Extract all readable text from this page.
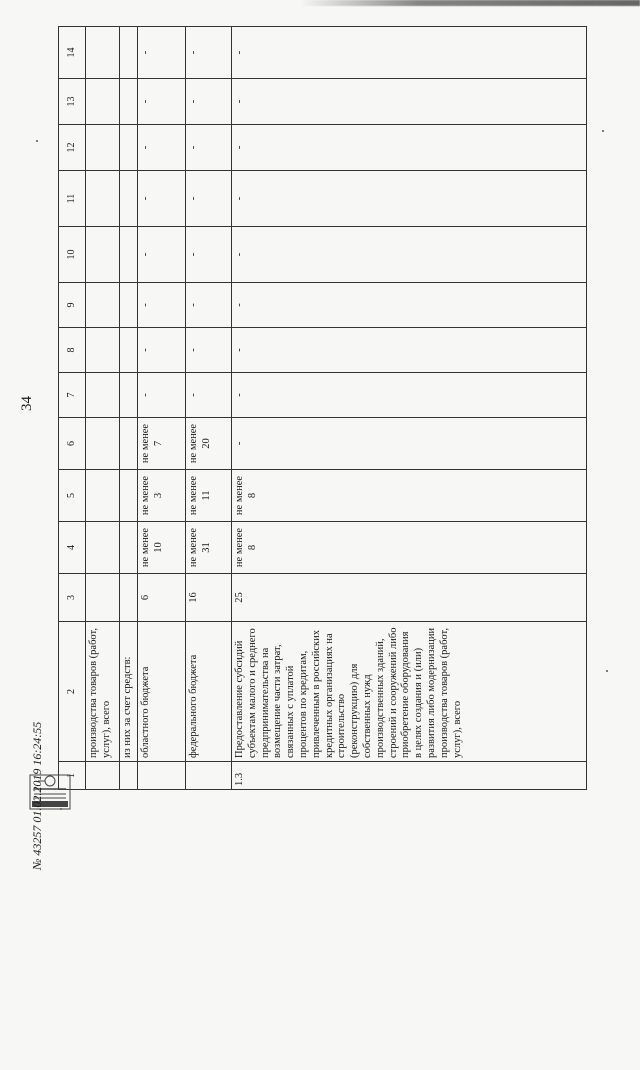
34
1	2	3	4	5	6	7	8	9	10	11	12	13	14
	производства товаров (работ, услуг), всего												
	из них за счет средств:												
	областного бюджета	6	не менее 10	не менее 3	не менее 7	-	-	-	-	-	-	-	-
	федерального бюджета	16	не менее 31	не менее 11	не менее 20	-	-	-	-	-	-	-	-
1.3	Предоставление субсидий субъектам малого и среднего предпринимательства на возмещение части затрат, связанных с уплатой процентов по кредитам, привлеченным в российских кредитных организациях на строительство (реконструкцию) для собственных нужд производственных зданий, строений и сооружений либо приобретение оборудования в целях создания и (или) развития либо модернизации производства товаров (работ, услуг), всего	25	не менее 8	не менее 8	-	-	-	-	-	-	-	-	-
№ 43257 01.02.2019 16:24:55
